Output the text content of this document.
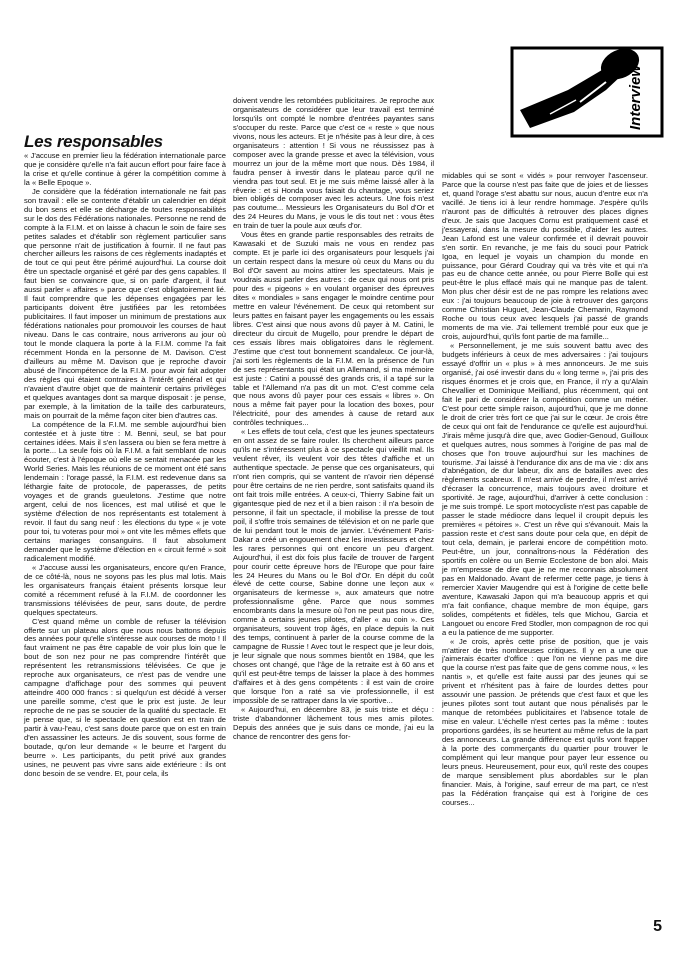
Interview
Les responsables

« J'accuse en premier lieu la fédération internationale parce que je considère qu'elle n'a fait aucun effort pour faire face à la crise et qu'elle continue à gérer la compétition comme à la « Belle Epoque ».

Je considère que la fédération internationale ne fait pas son travail : elle se contente d'établir un calendrier en dépit du bon sens et elle se décharge de toutes responsabilités sur le dos des Fédérations nationales. Personne ne rend de compte à la F.I.M. et on laisse à chacun le soin de faire ses petites salades et d'établir son règlement particulier sans que personne n'ait de justification à fournir. Il ne faut pas chercher ailleurs les raisons de ces règlements inadaptés et de tout ce qui peut être périmé aujourd'hui. La course doit être un spectacle organisé et géré par des gens capables. Il faut bien se convaincre que, si on parle d'argent, il faut aussi parler « affaires » parce que c'est obligatoirement lié. Il faut comprendre que les dépenses engagées par les participants doivent être justifiées par les retombées publicitaires. Il faut imposer un minimum de prestations aux fédérations nationales pour promouvoir les courses de haut niveau. Dans le cas contraire, nous arriverons au jour où tout le monde claquera la porte à la F.I.M. comme l'a fait récemment Honda en la personne de M. Davison. C'est d'ailleurs au même M. Davison que je reproche d'avoir abusé de l'incompétence de la F.I.M. pour avoir fait adopter des règles qui étaient contraires à l'intérêt général et qui n'avaient d'autre objet que de maintenir certains privilèges et quelques avantages dont sa marque disposait : je pense, par exemple, à la limitation de la taille des carburateurs, mais on pourrait de la même façon citer bien d'autres cas.

La compétence de la F.I.M. me semble aujourd'hui bien contestée et à juste titre : M. Benni, seul, se bat pour certaines idées. Mais il s'en lassera ou bien se fera mettre à la porte... La seule fois où la F.I.M. a fait semblant de nous écouter, c'est à l'époque où elle se sentait menacée par les World Series. Mais les réunions de ce moment ont été sans lendemain : l'orage passé, la F.I.M. est redevenue dans sa léthargie faite de protocole, de paperasses, de petits voyages et de grands gueuletons. J'estime que notre argent, celui de nos licences, est mal utilisé et que le système d'élection de nos représentants est totalement à revoir. Il faut du sang neuf : les élections du type « je vote pour toi, tu voteras pour moi » ont vite les mêmes effets que certains mariages consanguins. Il faut absolument demander que le système d'élection en « circuit fermé » soit radicalement modifié.

« J'accuse aussi les organisateurs, encore qu'en France, de ce côté-là, nous ne soyons pas les plus mal lotis. Mais les organisateurs français étaient présents lorsque leur comité a récemment refusé à la F.I.M. de coordonner les transmissions télévisées de peur, sans doute, de perdre quelques spectateurs.

C'est quand même un comble de refuser la télévision offerte sur un plateau alors que nous nous battons depuis des années pour qu'elle s'intéresse aux courses de moto ! Il faut vraiment ne pas être capable de voir plus loin que le bout de son nez pour ne pas comprendre l'intérêt que représentent les retransmissions télévisées. Ce que je reproche aux organisateurs, ce n'est pas de vendre une campagne d'affichage pour des sommes qui peuvent atteindre 400 000 francs : si quelqu'un est décidé à verser une pareille somme, c'est que le prix est juste. Je leur reproche de ne pas se soucier de la qualité du spectacle. Et je pense que, si le spectacle en question est en train de partir à vau-l'eau, c'est sans doute parce que on est en train d'en assassiner les acteurs. Je dis souvent, sous forme de boutade, qu'on leur demande « le beurre et l'argent du beurre ». Les participants, du petit privé aux grandes usines, ne peuvent pas vivre sans aide extérieure : ils ont donc besoin de se vendre. Et, pour cela, ils

doivent vendre les retombées publicitaires. Je reproche aux organisateurs de considérer que leur travail est terminé lorsqu'ils ont compté le nombre d'entrées payantes sans s'occuper du reste. Parce que c'est ce « reste » que nous vivons, nous les acteurs. Et je n'hésite pas à leur dire, à ces organisateurs : attention ! Si vous ne réussissez pas à composer avec la grande presse et avec la télévision, vous mourrez un jour de la même mort que nous. Dès 1984, il faudra penser à investir dans le plateau parce qu'il ne viendra pas tout seul. Et je me suis même laissé aller à la rêverie : et si Honda vous faisait du chantage, vous seriez bien obligés de composer avec les acteurs. Une fois n'est pas coutume... Messieurs les Organisateurs du Bol d'Or et des 24 Heures du Mans, je vous le dis tout net : vous êtes en train de tuer la poule aux œufs d'or.

Vous êtes en grande partie responsables des retraits de Kawasaki et de Suzuki mais ne vous en rendez pas compte. Et je parle ici des organisateurs pour lesquels j'ai un certain respect dans la mesure où ceux du Mans ou du Bol d'Or savent au moins attirer les spectateurs. Mais je voudrais aussi parler des autres : de ceux qui nous ont pris pour des « pigeons » en voulant organiser des épreuves dites « mondiales » sans engager le moindre centime pour mettre en valeur l'événement. De ceux qui retombent sur leurs pattes en faisant payer les engagements ou les essais libres. C'est ainsi que nous avons dû payer à M. Catini, le directeur du circuit de Mugello, pour prendre le départ de ces essais libres mais obligatoires dans le règlement. J'estime que c'est tout bonnement scandaleux. Ce jour-là, j'ai sorti les règlements de la F.I.M. en la présence de l'un de ses représentants qui était un Allemand, si ma mémoire est juste : Catini a poussé des grands cris, il a tapé sur la table et l'Allemand n'a pas dit un mot. C'est comme cela que nous avons dû payer pour ces essais « libres ». On nous a même fait payer pour la location des boxes, pour l'électricité, pour des amendes à cause de retard aux contrôles techniques...

« Les effets de tout cela, c'est que les jeunes spectateurs en ont assez de se faire rouler. Ils cherchent ailleurs parce qu'ils ne s'intéressent plus à ce spectacle qui vieillit mal. Ils veulent rêver, ils veulent voir des têtes d'affiche et un authentique spectacle. Je pense que ces organisateurs, qui n'ont rien compris, qui se vantent de n'avoir rien dépensé pour être certains de ne rien perdre, sont satisfaits quand ils ont fait trois mille entrées. A ceux-ci, Thierry Sabine fait un gigantesque pied de nez et il a bien raison : il n'a besoin de personne, il fait un spectacle, il mobilise la presse de tout poil, il s'offre trois semaines de télévision et on ne parle que de lui pendant tout le mois de janvier. L'événement Paris-Dakar a créé un engouement chez les investisseurs et chez les rares personnes qui ont encore un peu d'argent. Aujourd'hui, il est dix fois plus facile de trouver de l'argent pour courir cette épreuve hors de l'Europe que pour faire les 24 Heures du Mans ou le Bol d'Or. En dépit du coût élevé de cette course, Sabine donne une leçon aux « organisateurs de kermesse », aux amateurs que notre professionnalisme gêne. Parce que nous sommes encombrants dans la mesure où l'on ne peut pas nous dire, comme à certains jeunes pilotes, d'aller « au coin ». Ces organisateurs, souvent trop âgés, en place depuis la nuit des temps, continuent à parler de la course comme de la campagne de Russie ! Avec tout le respect que je leur dois, je leur signale que nous sommes bientôt en 1984, que les choses ont changé, que l'âge de la retraite est à 60 ans et qu'il est peut-être temps de laisser la place à des hommes d'affaires et à des gens compétents : il est vain de croire que lorsque l'on a raté sa vie professionnelle, il est impossible de se rattraper dans la vie sportive...

« Aujourd'hui, en décembre 83, je suis triste et déçu : triste d'abandonner lâchement tous mes amis pilotes. Depuis des années que je suis dans ce monde, j'ai eu la chance de rencontrer des gens for-

midables qui se sont « vidés » pour renvoyer l'ascenseur. Parce que la course n'est pas faite que de joies et de liesses et, quand l'orage s'est abattu sur nous, aucun d'entre eux n'a vacillé. Je tiens ici à leur rendre hommage. J'espère qu'ils n'auront pas de difficultés à retrouver des places dignes d'eux. Je sais que Jacques Cornu est pratiquement casé et j'essayerai, dans la mesure du possible, d'aider les autres. Jean Lafond est une valeur confirmée et il devrait pouvoir s'en sortir. En revanche, je me fais du souci pour Patrick Igoa, en lequel je voyais un champion du monde en puissance, pour Gérard Coudray qui va très vite et qui n'a pas eu de chance cette année, ou pour Pierre Bolle qui est peut-être le plus effacé mais qui ne manque pas de talent. Mon plus cher désir est de ne pas rompre les relations avec eux : j'ai toujours beaucoup de joie à retrouver des garçons comme Christian Huguet, Jean-Claude Chemarin, Raymond Roche ou tous ceux avec lesquels j'ai passé de grands moments de ma vie. J'ai tellement tremblé pour eux que je crois, aujourd'hui, qu'ils font partie de ma famille...

« Personnellement, je me suis souvent battu avec des budgets inférieurs à ceux de mes adversaires : j'ai toujours essayé d'offrir un « plus » à mes annonceurs. Je me suis organisé, j'ai osé investir dans du « long terme », j'ai pris des risques énormes et je crois que, en France, il n'y a qu'Alain Chevallier et Dominique Meilliand, plus récemment, qui ont fait le pari de considérer la compétition comme un métier. C'est pour cette simple raison, aujourd'hui, que je me donne le droit de crier très fort ce que j'ai sur le cœur. Je crois être de ceux qui ont fait de l'endurance ce qu'elle est aujourd'hui. J'irais même jusqu'à dire que, avec Godier-Genoud, Guilloux et quelques autres, nous sommes à l'origine de pas mal de choses que l'on trouve aujourd'hui sur les machines de tourisme. J'ai laissé à l'endurance dix ans de ma vie : dix ans d'abnégation, de dur labeur, dix ans de batailles avec des règlements scabreux. Il m'est arrivé de perdre, il m'est arrivé d'écraser la concurrence, mais toujours avec droiture et sportivité. Je rage, aujourd'hui, d'arriver à cette conclusion : je me suis trompé. Le sport motocycliste n'est pas capable de passer le stade médiocre dans lequel il croupit depuis les premières « pétoires ». C'est un rêve qui s'évanouit. Mais la passion reste et c'est sans doute pour cela que, en dépit de tout cela, demain, je parlerai encore de compétition moto. Peut-être, un jour, connaîtrons-nous la Fédération des sportifs en colère ou un Bernie Ecclestone de bon aloi. Mais je m'empresse de dire que je ne me reconnais absolument pas en Maldonado. Avant de refermer cette page, je tiens à remercier Xavier Maugendre qui est à l'origine de cette belle aventure, Kawasaki Japon qui m'a beaucoup appris et qui m'a fait confiance, chaque membre de mon équipe, gars solides, compétents et fidèles, tels que Michou, Garcia et Langouet ou encore Fred Stodler, mon compagnon de roc qui a eu la patience de me supporter.

« Je crois, après cette prise de position, que je vais m'attirer de très nombreuses critiques. Il y en a une que j'aimerais écarter d'office : que l'on ne vienne pas me dire que la course n'est pas faite que de gens comme nous, « les nantis », et qu'elle est faite aussi par des jeunes qui se privent et n'hésitent pas à faire de lourdes dettes pour assouvir une passion. Je prétends que c'est faux et que les jeunes pilotes sont tout autant que nous pénalisés par le manque de retombées publicitaires et l'absence totale de mise en valeur. L'échelle n'est certes pas la même : toutes proportions gardées, ils se heurtent au même refus de la part des annonceurs. La grande différence est qu'ils vont frapper à la porte des commerçants du quartier pour trouver le complément qui leur manque pour payer leur essence ou leurs pneus. Heureusement, pour eux, qu'il reste des coupes de marque sensiblement plus abordables sur le plan financier. Mais, à l'origine, sauf erreur de ma part, ce n'est pas la Fédération française qui est à l'origine de ces courses...

5
